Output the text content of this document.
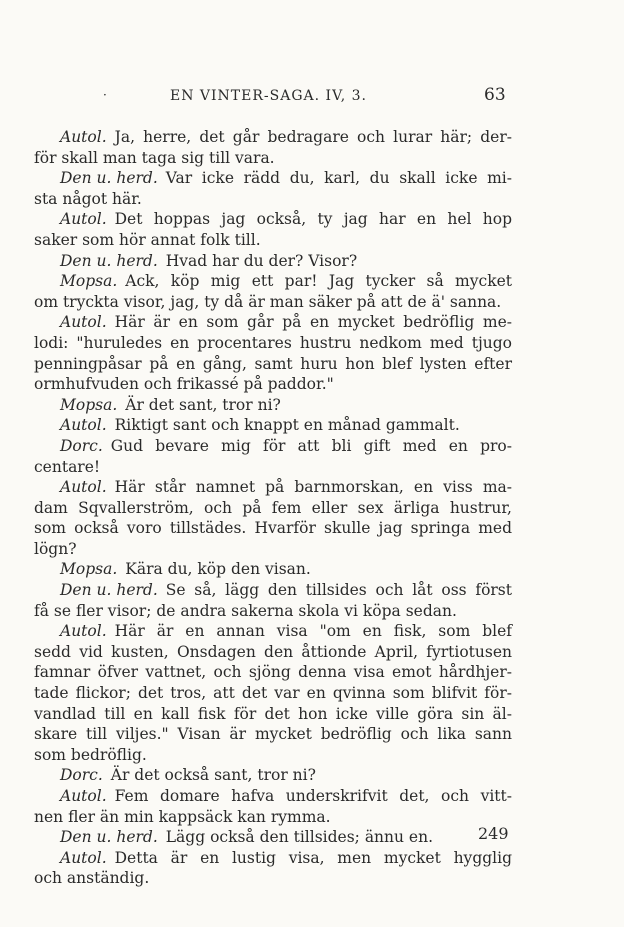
·	EN VINTER-SAGA. IV, 3.	63
Autol. Ja, herre, det går bedragare och lurar här; der-
för skall man taga sig till vara.
Den u. herd. Var icke rädd du, karl, du skall icke mi-
sta något här.
Autol. Det hoppas jag också, ty jag har en hel hop
saker som hör annat folk till.
Den u. herd. Hvad har du der? Visor?
Mopsa. Ack, köp mig ett par! Jag tycker så mycket
om tryckta visor, jag, ty då är man säker på att de ä' sanna.
Autol. Här är en som går på en mycket bedröflig me-
lodi: "huruledes en procentares hustru nedkom med tjugo
penningpåsar på en gång, samt huru hon blef lysten efter
ormhufvuden och frikassé på paddor."
Mopsa. Är det sant, tror ni?
Autol. Riktigt sant och knappt en månad gammalt.
Dorc. Gud bevare mig för att bli gift med en pro-
centare!
Autol. Här står namnet på barnmorskan, en viss ma-
dam Sqvallerström, och på fem eller sex ärliga hustrur,
som också voro tillstädes. Hvarför skulle jag springa med
lögn?
Mopsa. Kära du, köp den visan.
Den u. herd. Se så, lägg den tillsides och låt oss först
få se fler visor; de andra sakerna skola vi köpa sedan.
Autol. Här är en annan visa "om en fisk, som blef
sedd vid kusten, Onsdagen den åttionde April, fyrtiotusen
famnar öfver vattnet, och sjöng denna visa emot hårdhjer-
tade flickor; det tros, att det var en qvinna som blifvit för-
vandlad till en kall fisk för det hon icke ville göra sin äl-
skare till viljes." Visan är mycket bedröflig och lika sann
som bedröflig.
Dorc. Är det också sant, tror ni?
Autol. Fem domare hafva underskrifvit det, och vitt-
nen fler än min kappsäck kan rymma.
Den u. herd. Lägg också den tillsides; ännu en.
Autol. Detta är en lustig visa, men mycket hygglig
och anständig.
249
